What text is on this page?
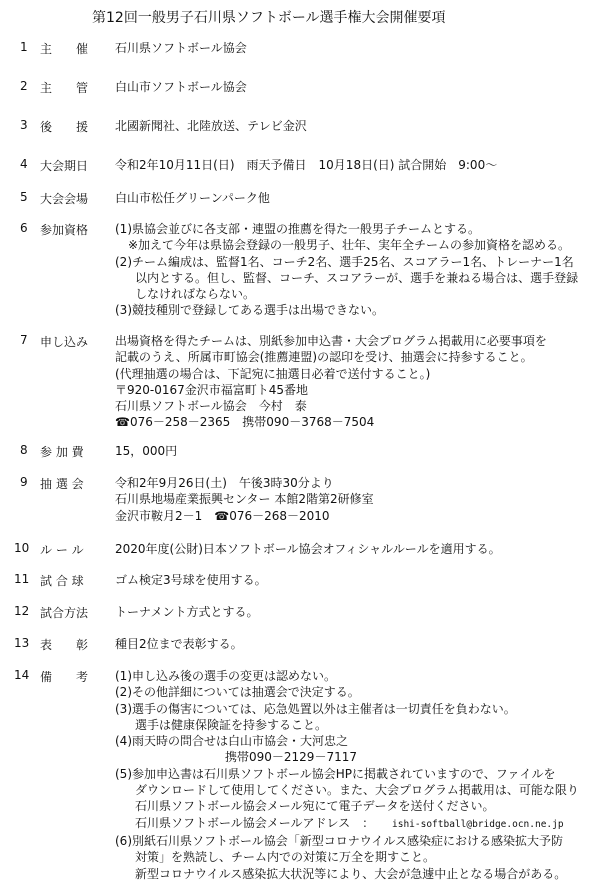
第12回一般男子石川県ソフトボール選手権大会開催要項
1 主　　催 石川県ソフトボール協会
2 主　　管 白山市ソフトボール協会
3 後　　援 北國新聞社、北陸放送、テレビ金沢
4 大会期日 令和2年10月11日(日)　雨天予備日　10月18日(日) 試合開始　9:00～
5 大会会場 白山市松任グリーンパーク他
6 参加資格 (1)県協会並びに各支部・連盟の推薦を得た一般男子チームとする。
※加えて今年は県協会登録の一般男子、壮年、実年全チームの参加資格を認める。
(2)チーム編成は、監督1名、コーチ2名、選手25名、スコアラー1名、トレーナー1名
以内とする。但し、監督、コーチ、スコアラーが、選手を兼ねる場合は、選手登録
しなければならない。
(3)競技種別で登録してある選手は出場できない。
7 申し込み 出場資格を得たチームは、別紙参加申込書・大会プログラム掲載用に必要事項を
記載のうえ、所属市町協会(推薦連盟)の認印を受け、抽選会に持参すること。
(代理抽選の場合は、下記宛に抽選日必着で送付すること。)
〒920-0167金沢市福富町ト45番地
石川県ソフトボール協会　今村　泰
☎076－258－2365　携帯090－3768－7504
8 参 加 費	15，000円
9 抽 選 会	令和2年9月26日(土)　午後3時30分より
石川県地場産業振興センター 本館2階第2研修室
金沢市鞍月2－1　☎076－268－2010
10 ル ー ル	2020年度(公財)日本ソフトボール協会オフィシャルルールを適用する。
11 試 合 球	ゴム検定3号球を使用する。
12 試合方法 トーナメント方式とする。
13 表　　彰 種目2位まで表彰する。
14 備　　考 (1)申し込み後の選手の変更は認めない。
(2)その他詳細については抽選会で決定する。
(3)選手の傷害については、応急処置以外は主催者は一切責任を負わない。
選手は健康保険証を持参すること。
(4)雨天時の問合せは白山市協会・大河忠之
携帯090－2129－7117
(5)参加申込書は石川県ソフトボール協会HPに掲載されていますので、ファイルを
ダウンロードして使用してください。また、大会プログラム掲載用は、可能な限り
石川県ソフトボール協会メール宛にて電子データを送付ください。
石川県ソフトボール協会メールアドレス　： ishi-softball@bridge.ocn.ne.jp
(6)別紙石川県ソフトボール協会「新型コロナウイルス感染症における感染拡大予防
対策」を熟読し、チーム内での対策に万全を期すこと。
新型コロナウイルス感染拡大状況等により、大会が急遽中止となる場合がある。
